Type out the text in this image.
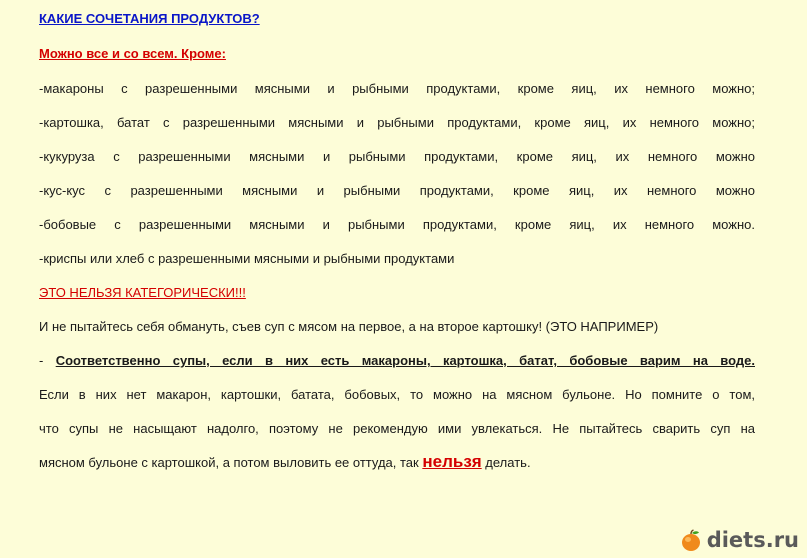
КАКИЕ СОЧЕТАНИЯ ПРОДУКТОВ?

Можно все и со всем. Кроме:

-макароны с разрешенными мясными и рыбными продуктами, кроме яиц, их немного можно;

-картошка, батат с разрешенными мясными и рыбными продуктами, кроме яиц, их немного можно;

-кукуруза с разрешенными мясными и рыбными продуктами, кроме яиц, их немного можно

-кус-кус с разрешенными мясными и рыбными продуктами, кроме яиц, их немного можно

-бобовые с разрешенными мясными и рыбными продуктами, кроме яиц, их немного можно.

-криспы или хлеб с разрешенными мясными и рыбными продуктами

ЭТО НЕЛЬЗЯ КАТЕГОРИЧЕСКИ!!!

И не пытайтесь себя обмануть, съев суп с мясом на первое, а на второе картошку! (ЭТО НАПРИМЕР)

- Соответственно супы, если в них есть макароны, картошка, батат, бобовые варим на воде.

Если в них нет макарон, картошки, батата, бобовых, то можно на мясном бульоне. Но помните о том,

что супы не насыщают надолго, поэтому не рекомендую ими увлекаться. Не пытайтесь сварить суп на

мясном бульоне с картошкой, а потом выловить ее оттуда, так нельзя делать.

diets.ru
